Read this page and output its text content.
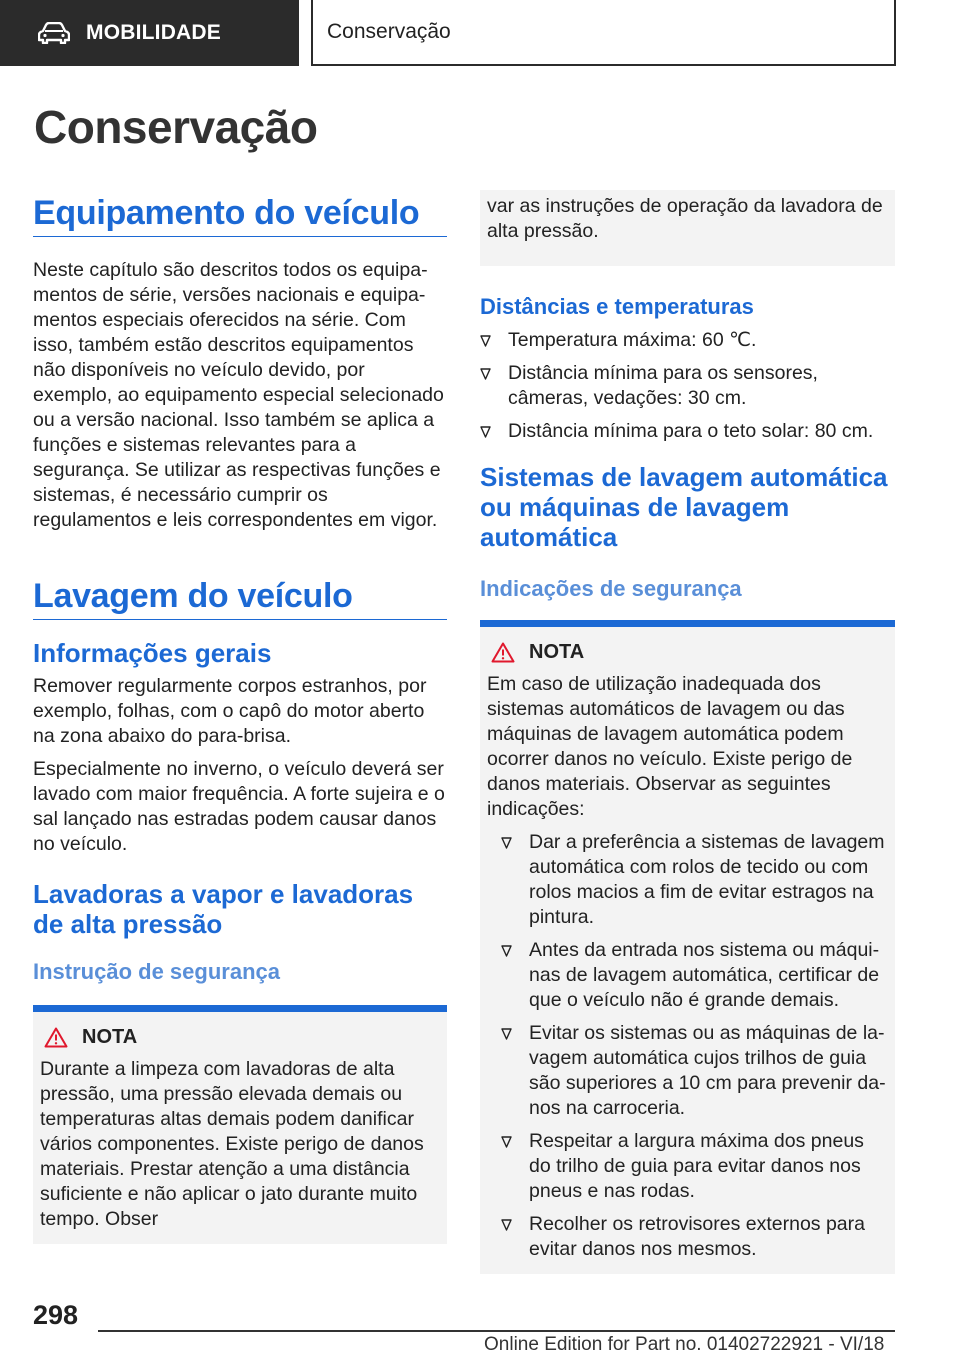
MOBILIDADE	Conservação
Conservação
Equipamento do veículo

Neste capítulo são descritos todos os equipamentos de série, versões nacionais e equipamentos especiais oferecidos na série. Com isso, também estão descritos equipamentos não disponíveis no veículo devido, por exemplo, ao equipamento especial selecionado ou a versão nacional. Isso também se aplica a funções e sistemas relevantes para a segurança. Se utilizar as respectivas funções e sistemas, é necessário cumprir os regulamentos e leis correspondentes em vigor.

Lavagem do veículo
Informações gerais

Remover regularmente corpos estranhos, por exemplo, folhas, com o capô do motor aberto na zona abaixo do para-brisa.

Especialmente no inverno, o veículo deverá ser lavado com maior frequência. A forte sujeira e o sal lançado nas estradas podem causar danos no veículo.

Lavadoras a vapor e lavadoras de alta pressão
Instrução de segurança
NOTA

Durante a limpeza com lavadoras de alta pressão, uma pressão elevada demais ou temperaturas altas demais podem danificar vários componentes. Existe perigo de danos materiais. Prestar atenção a uma distância suficiente e não aplicar o jato durante muito tempo. Obser

var as instruções de operação da lavadora de alta pressão.

Distâncias e temperaturas
Temperatura máxima: 60 ℃.
Distância mínima para os sensores, câmeras, vedações: 30 cm.
Distância mínima para o teto solar: 80 cm.
Sistemas de lavagem automática ou máquinas de lavagem automática
Indicações de segurança
NOTA

Em caso de utilização inadequada dos sistemas automáticos de lavagem ou das máquinas de lavagem automática podem ocorrer danos no veículo. Existe perigo de danos materiais. Observar as seguintes indicações:

Dar a preferência a sistemas de lavagem automática com rolos de tecido ou com rolos macios a fim de evitar estragos na pintura.
Antes da entrada nos sistema ou máquinas de lavagem automática, certificar de que o veículo não é grande demais.
Evitar os sistemas ou as máquinas de lavagem automática cujos trilhos de guia são superiores a 10 cm para prevenir danos na carroceria.
Respeitar a largura máxima dos pneus do trilho de guia para evitar danos nos pneus e nas rodas.
Recolher os retrovisores externos para evitar danos nos mesmos.
298
Online Edition for Part no. 01402722921 - VI/18
